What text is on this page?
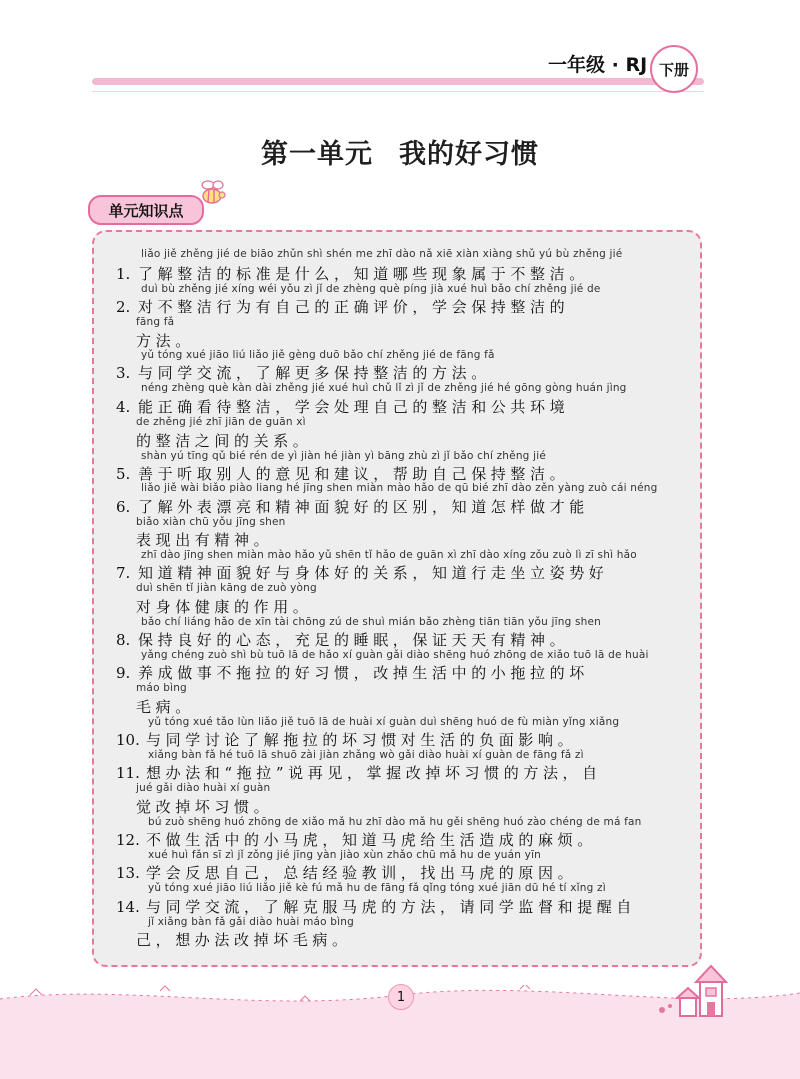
一年级 · RJ 下册
第一单元 我的好习惯
单元知识点
liǎo jiě zhěng jié de biāo zhǔn shì shén me zhī dào nǎ xiē xiàn xiàng shǔ yú bù zhěng jié
1. 了解整洁的标准是什么，知道哪些现象属于不整洁。
duì bù zhěng jié xíng wéi yǒu zì jǐ de zhèng què píng jià xué huì bǎo chí zhěng jié de
2. 对不整洁行为有自己的正确评价，学会保持整洁的
fāng fǎ
方法。
yǔ tóng xué jiāo liú liǎo jiě gèng duō bǎo chí zhěng jié de fāng fǎ
3. 与同学交流，了解更多保持整洁的方法。
néng zhèng què kàn dài zhěng jié xué huì chǔ lǐ zì jǐ de zhěng jié hé gōng gòng huán jìng
4. 能正确看待整洁，学会处理自己的整洁和公共环境
de zhěng jié zhī jiān de guān xì
的整洁之间的关系。
shàn yú tīng qǔ bié rén de yì jiàn hé jiàn yì bāng zhù zì jǐ bǎo chí zhěng jié
5. 善于听取别人的意见和建议，帮助自己保持整洁。
liǎo jiě wài biǎo piào liang hé jīng shen miàn mào hǎo de qū bié zhī dào zěn yàng zuò cái néng
6. 了解外表漂亮和精神面貌好的区别，知道怎样做才能
biǎo xiàn chū yǒu jīng shen
表现出有精神。
zhī dào jīng shen miàn mào hǎo yǔ shēn tǐ hǎo de guān xì zhī dào xíng zǒu zuò lì zī shì hǎo
7. 知道精神面貌好与身体好的关系，知道行走坐立姿势好
duì shēn tǐ jiàn kāng de zuò yòng
对身体健康的作用。
bǎo chí liáng hǎo de xīn tài chōng zú de shuì mián bǎo zhèng tiān tiān yǒu jīng shen
8. 保持良好的心态，充足的睡眠，保证天天有精神。
yǎng chéng zuò shì bù tuō lā de hǎo xí guàn gǎi diào shēng huó zhōng de xiǎo tuō lā de huài
9. 养成做事不拖拉的好习惯，改掉生活中的小拖拉的坏
máo bìng
毛病。
yǔ tóng xué tǎo lùn liǎo jiě tuō lā de huài xí guàn duì shēng huó de fù miàn yǐng xiǎng
10. 与同学讨论了解拖拉的坏习惯对生活的负面影响。
xiǎng bàn fǎ hé tuō lā shuō zài jiàn zhǎng wò gǎi diào huài xí guàn de fāng fǎ zì
11. 想办法和“拖拉”说再见，掌握改掉坏习惯的方法，自
jué gǎi diào huài xí guàn
觉改掉坏习惯。
bú zuò shēng huó zhōng de xiǎo mǎ hu zhī dào mǎ hu gěi shēng huó zào chéng de má fan
12. 不做生活中的小马虎，知道马虎给生活造成的麻烦。
xué huì fǎn sī zì jǐ zǒng jié jīng yàn jiào xùn zhǎo chū mǎ hu de yuán yīn
13. 学会反思自己，总结经验教训，找出马虎的原因。
yǔ tóng xué jiāo liú liǎo jiě kè fú mǎ hu de fāng fǎ qǐng tóng xué jiān dū hé tí xǐng zì
14. 与同学交流，了解克服马虎的方法，请同学监督和提醒自
jǐ xiǎng bàn fǎ gǎi diào huài máo bìng
己，想办法改掉坏毛病。
1
